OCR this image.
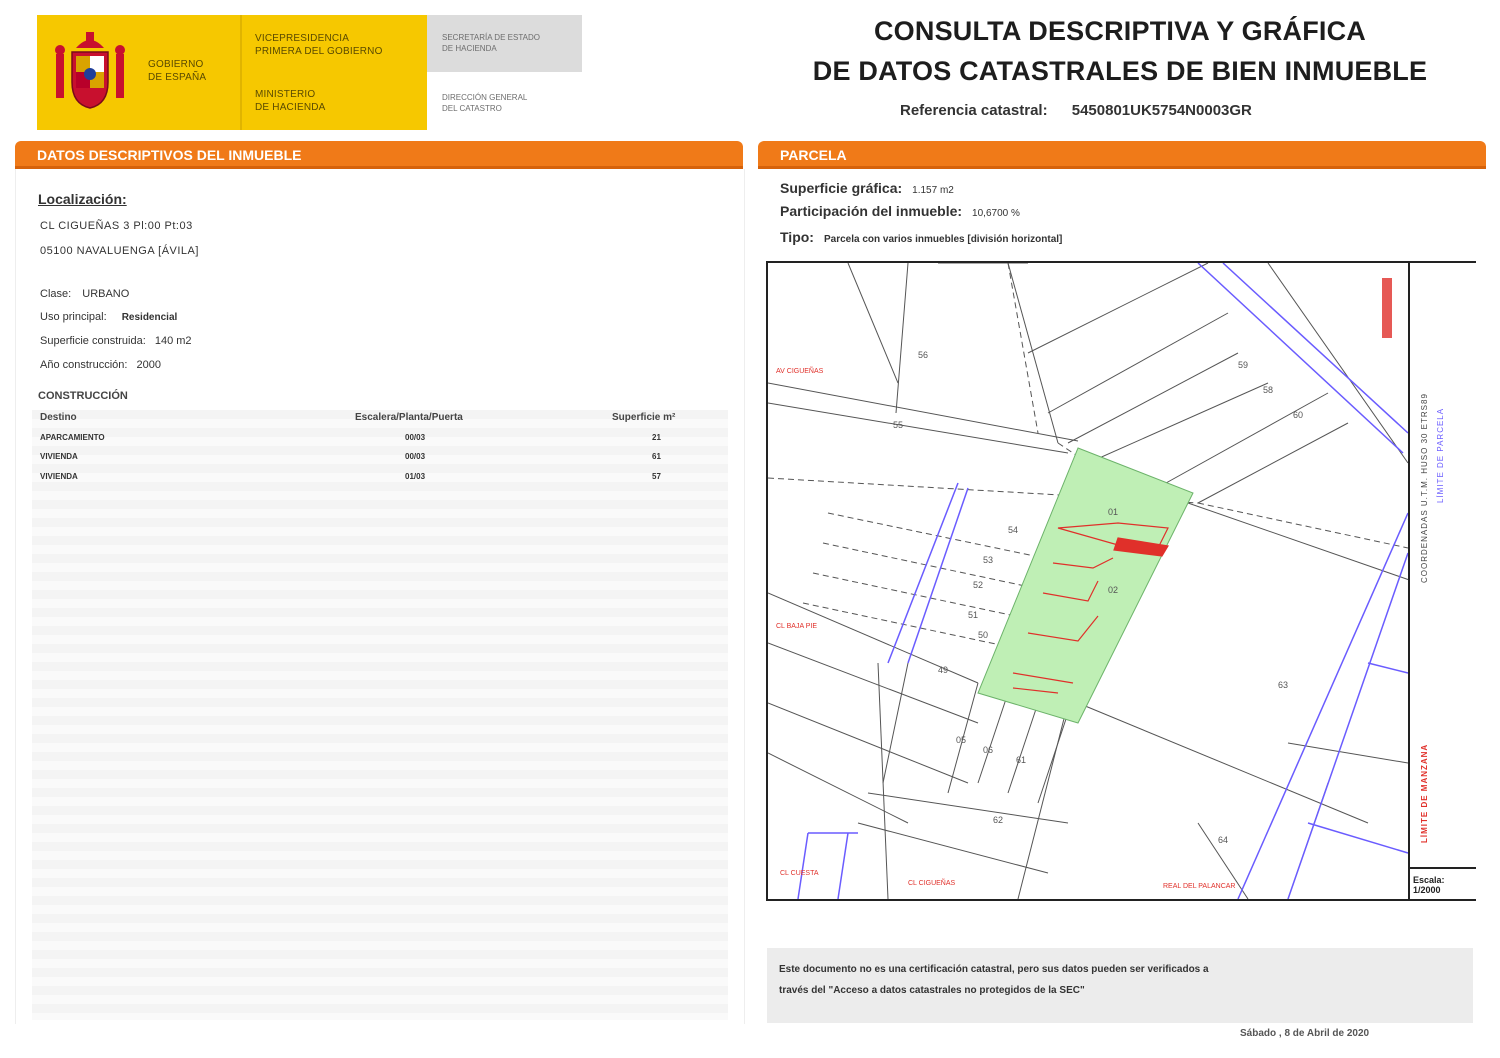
GOBIERNO
DE ESPAÑA
VICEPRESIDENCIA
PRIMERA DEL GOBIERNO
MINISTERIO
DE HACIENDA
SECRETARÍA DE ESTADO
DE HACIENDA
DIRECCIÓN GENERAL
DEL CATASTRO
CONSULTA DESCRIPTIVA Y GRÁFICA
DE DATOS CATASTRALES DE BIEN INMUEBLE
Referencia catastral: 5450801UK5754N0003GR
DATOS DESCRIPTIVOS DEL INMUEBLE	PARCELA
Localización:
CL CIGUEÑAS 3 Pl:00 Pt:03
05100 NAVALUENGA [ÁVILA]
Clase: URBANO
Uso principal: Residencial
Superficie construida: 140 m2
Año construcción: 2000
CONSTRUCCIÓN
Destino	Escalera/Planta/Puerta	Superficie m²
APARCAMIENTO	00/03	21
VIVIENDA	00/03	61
VIVIENDA	01/03	57
Superficie gráfica: 1.157 m2
Participación del inmueble: 10,6700 %
Tipo: Parcela con varios inmuebles [división horizontal]
AV CIGUEÑAS
CL BAJA PIE
CL CUESTA
CL CIGUEÑAS	REAL DEL PALANCAR
56
59
58
60
55
54
53
52
51
50
49
05
06
61
62
63
64
01
02
COORDENADAS U.T.M. HUSO 30 ETRS89 LÍMITE DE PARCELA
LÍMITE DE MANZANA
Escala:
1/2000
Este documento no es una certificación catastral, pero sus datos pueden ser verificados a
través del "Acceso a datos catastrales no protegidos de la SEC"
Sábado , 8 de Abril de 2020
